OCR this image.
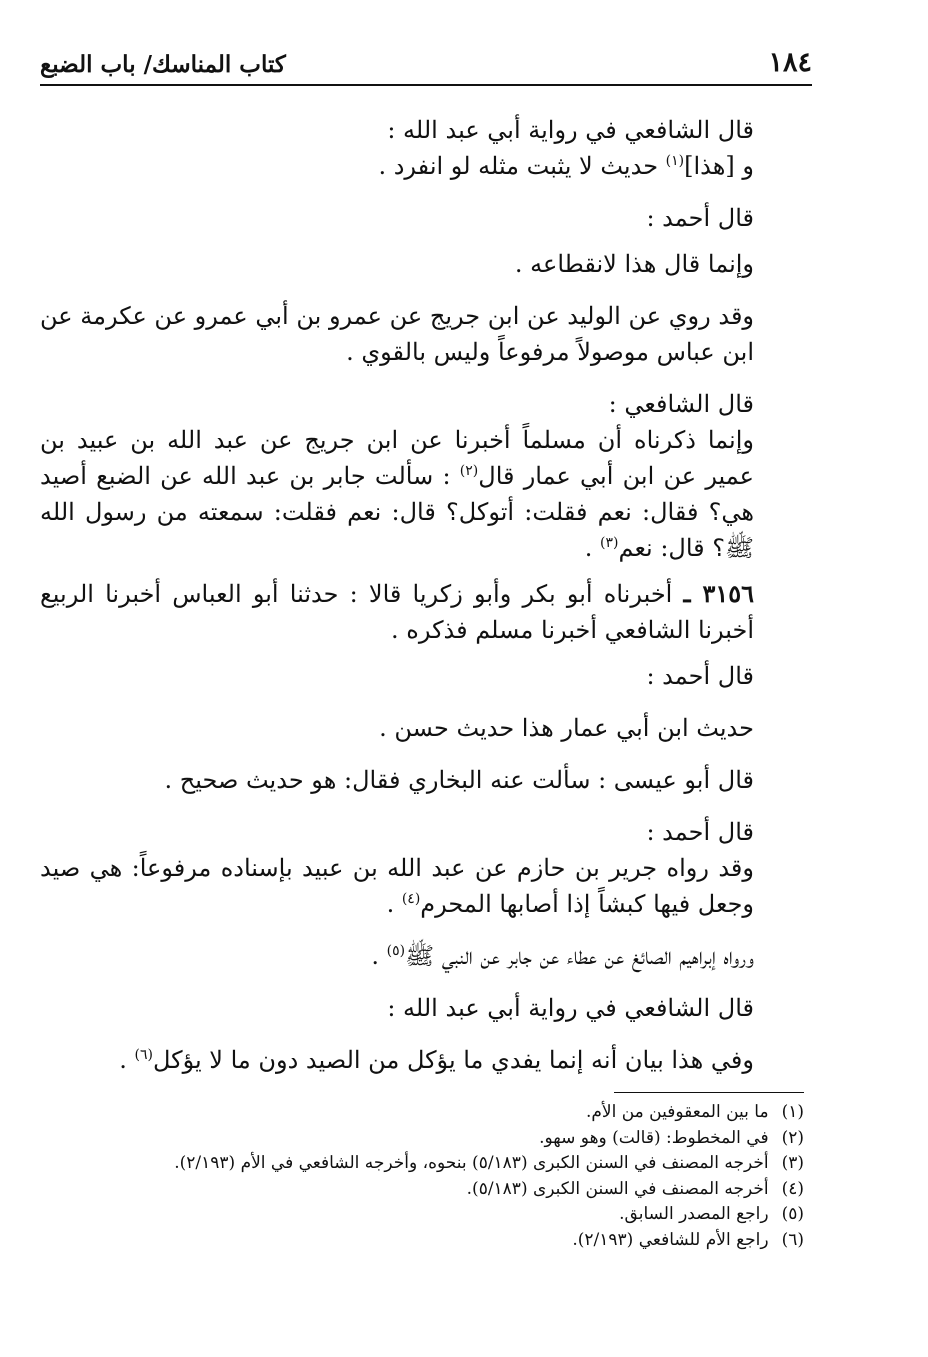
١٨٤
كتاب المناسك/ باب الضبع

قال الشافعي في رواية أبي عبد الله :

و [هذا]$^{(١)}$ حديث لا يثبت مثله لو انفرد .

قال أحمد :

وإنما قال هذا لانقطاعه .

وقد روي عن الوليد عن ابن جريج عن عمرو بن أبي عمرو عن عكرمة عن ابن عباس موصولاً مرفوعاً وليس بالقوي .

قال الشافعي :

وإنما ذكرناه أن مسلماً أخبرنا عن ابن جريج عن عبد الله بن عبيد بن عمير عن ابن أبي عمار قال$^{(٢)}$ : سألت جابر بن عبد الله عن الضبع أصيد هي؟ فقال: نعم فقلت: أتوكل؟ قال: نعم فقلت: سمعته من رسول الله ﷺ؟ قال: نعم$^{(٣)}$ .

٣١٥٦ ـ أخبرناه أبو بكر وأبو زكريا قالا : حدثنا أبو العباس أخبرنا الربيع أخبرنا الشافعي أخبرنا مسلم فذكره .

قال أحمد :

حديث ابن أبي عمار هذا حديث حسن .

قال أبو عيسى : سألت عنه البخاري فقال: هو حديث صحيح .

قال أحمد :

وقد رواه جرير بن حازم عن عبد الله بن عبيد بإسناده مرفوعاً: هي صيد وجعل فيها كبشاً إذا أصابها المحرم$^{(٤)}$ .

ورواه إبراهيم الصائغ عن عطاء عن جابر عن النبي ﷺ$^{(٥)}$ .

قال الشافعي في رواية أبي عبد الله :

وفي هذا بيان أنه إنما يفدي ما يؤكل من الصيد دون ما لا يؤكل$^{(٦)}$ .

(١) ما بين المعقوفين من الأم.

(٢) في المخطوط: (قالت) وهو سهو.

(٣) أخرجه المصنف في السنن الكبرى (٥/١٨٣) بنحوه، وأخرجه الشافعي في الأم (٢/١٩٣).

(٤) أخرجه المصنف في السنن الكبرى (٥/١٨٣).

(٥) راجع المصدر السابق.

(٦) راجع الأم للشافعي (٢/١٩٣).
